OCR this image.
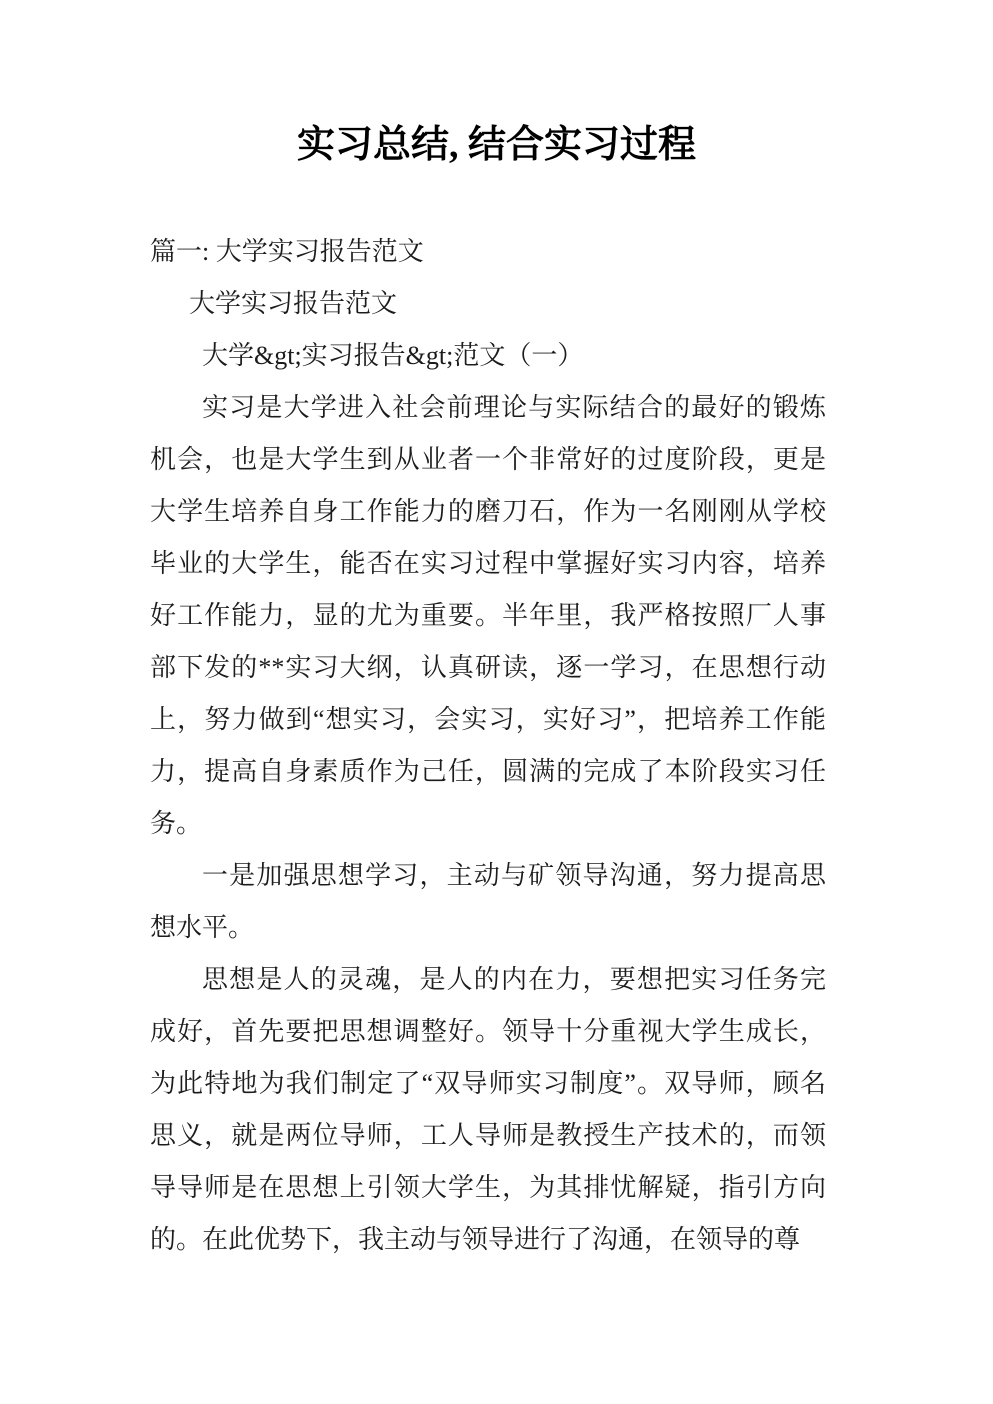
实习总结, 结合实习过程
篇一: 大学实习报告范文
大学实习报告范文
大学&gt;实习报告&gt;范文（一）
实习是大学进入社会前理论与实际结合的最好的锻炼
机会，也是大学生到从业者一个非常好的过度阶段，更是
大学生培养自身工作能力的磨刀石，作为一名刚刚从学校
毕业的大学生，能否在实习过程中掌握好实习内容，培养
好工作能力，显的尤为重要。半年里，我严格按照厂人事
部下发的**实习大纲，认真研读，逐一学习，在思想行动
上，努力做到“想实习，会实习，实好习”，把培养工作能
力，提高自身素质作为己任，圆满的完成了本阶段实习任
务。
一是加强思想学习，主动与矿领导沟通，努力提高思
想水平。
思想是人的灵魂，是人的内在力，要想把实习任务完
成好，首先要把思想调整好。领导十分重视大学生成长，
为此特地为我们制定了“双导师实习制度”。双导师，顾名
思义，就是两位导师，工人导师是教授生产技术的，而领
导导师是在思想上引领大学生，为其排忧解疑，指引方向
的。在此优势下，我主动与领导进行了沟通，在领导的尊
